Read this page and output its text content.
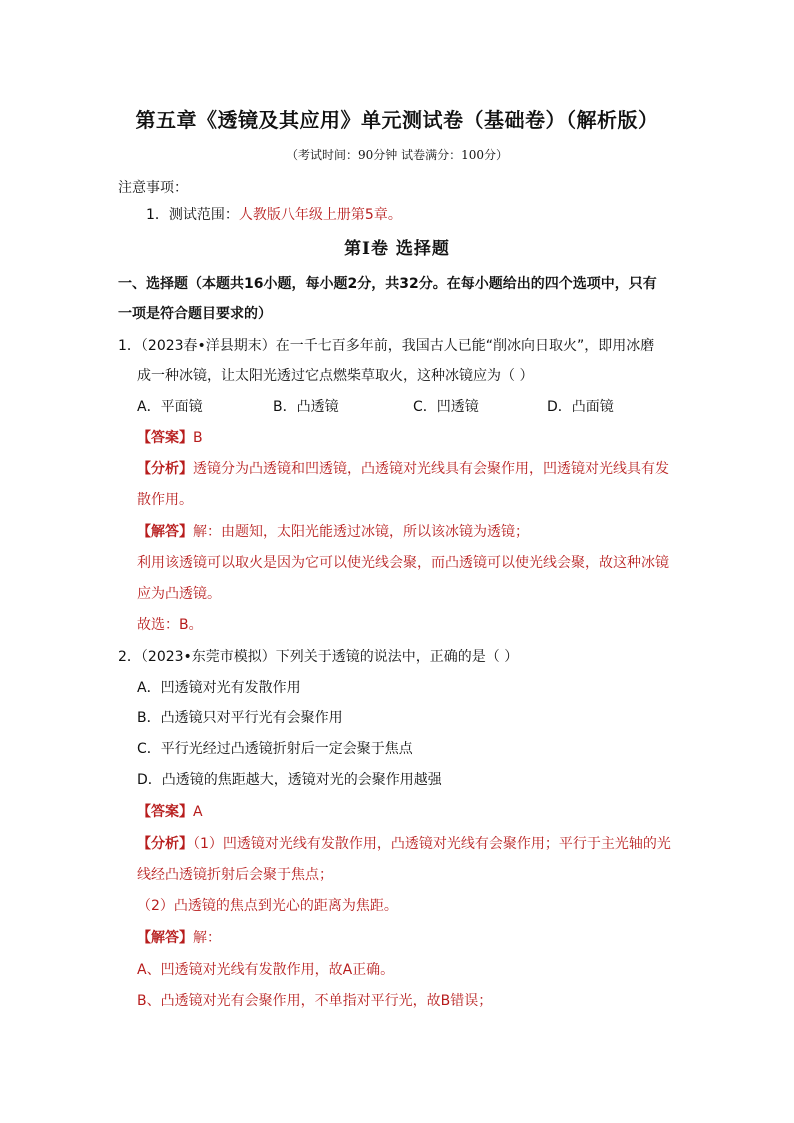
第五章《透镜及其应用》单元测试卷（基础卷）（解析版）
（考试时间：90分钟 试卷满分：100分）
注意事项：
1．测试范围：人教版八年级上册第5章。
第Ⅰ卷 选择题
一、选择题（本题共16小题，每小题2分，共32分。在每小题给出的四个选项中，只有
一项是符合题目要求的）
1．（2023春•洋县期末）在一千七百多年前，我国古人已能“削冰向日取火”，即用冰磨
成一种冰镜，让太阳光透过它点燃柴草取火，这种冰镜应为（ ）
A．平面镜	B．凸透镜	C．凹透镜	D．凸面镜
【答案】B
【分析】透镜分为凸透镜和凹透镜，凸透镜对光线具有会聚作用，凹透镜对光线具有发
散作用。
【解答】解：由题知，太阳光能透过冰镜，所以该冰镜为透镜；
利用该透镜可以取火是因为它可以使光线会聚，而凸透镜可以使光线会聚，故这种冰镜
应为凸透镜。
故选：B。
2．（2023•东莞市模拟）下列关于透镜的说法中，正确的是（ ）
A．凹透镜对光有发散作用
B．凸透镜只对平行光有会聚作用
C．平行光经过凸透镜折射后一定会聚于焦点
D．凸透镜的焦距越大，透镜对光的会聚作用越强
【答案】A
【分析】（1）凹透镜对光线有发散作用，凸透镜对光线有会聚作用；平行于主光轴的光
线经凸透镜折射后会聚于焦点；
（2）凸透镜的焦点到光心的距离为焦距。
【解答】解：
A、凹透镜对光线有发散作用，故A正确。
B、凸透镜对光有会聚作用，不单指对平行光，故B错误；
